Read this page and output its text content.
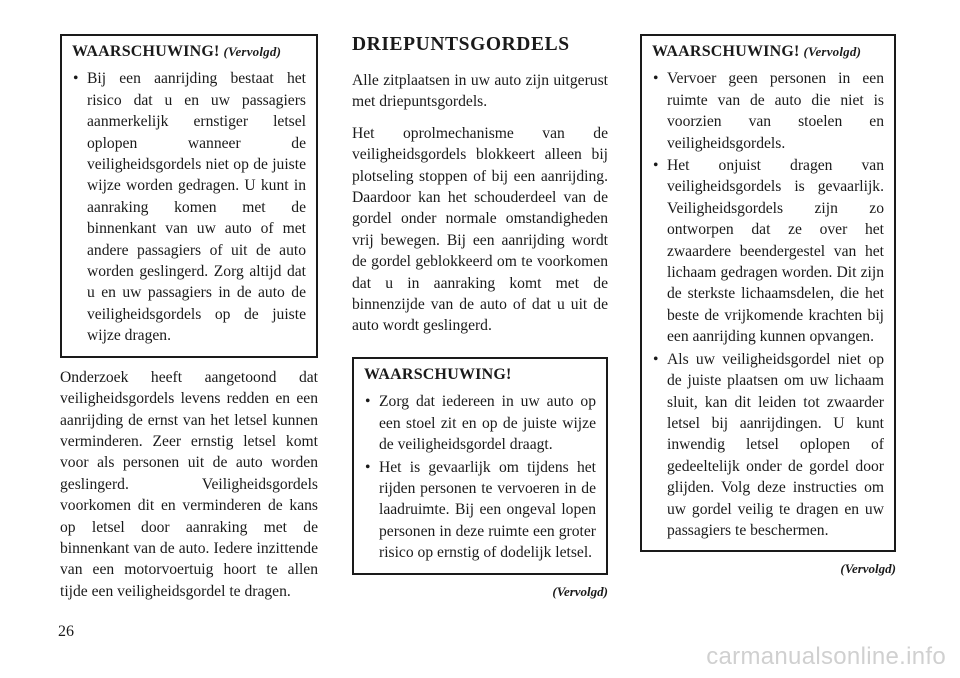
WAARSCHUWING! (Vervolgd)
• Bij een aanrijding bestaat het risico dat u en uw passagiers aanmerkelijk ernstiger letsel oplopen wanneer de veiligheidsgordels niet op de juiste wijze worden gedragen. U kunt in aanraking komen met de binnenkant van uw auto of met andere passagiers of uit de auto worden geslingerd. Zorg altijd dat u en uw passagiers in de auto de veiligheidsgordels op de juiste wijze dragen.

Onderzoek heeft aangetoond dat veiligheidsgordels levens redden en een aanrijding de ernst van het letsel kunnen verminderen. Zeer ernstig letsel komt voor als personen uit de auto worden geslingerd. Veiligheidsgordels voorkomen dit en verminderen de kans op letsel door aanraking met de binnenkant van de auto. Iedere inzittende van een motorvoertuig hoort te allen tijde een veiligheidsgordel te dragen.

DRIEPUNTSGORDELS

Alle zitplaatsen in uw auto zijn uitgerust met driepuntsgordels.

Het oprolmechanisme van de veiligheidsgordels blokkeert alleen bij plotseling stoppen of bij een aanrijding. Daardoor kan het schouderdeel van de gordel onder normale omstandigheden vrij bewegen. Bij een aanrijding wordt de gordel geblokkeerd om te voorkomen dat u in aanraking komt met de binnenzijde van de auto of dat u uit de auto wordt geslingerd.

WAARSCHUWING!
• Zorg dat iedereen in uw auto op een stoel zit en op de juiste wijze de veiligheidsgordel draagt.
• Het is gevaarlijk om tijdens het rijden personen te vervoeren in de laadruimte. Bij een ongeval lopen personen in deze ruimte een groter risico op ernstig of dodelijk letsel.
(Vervolgd)
WAARSCHUWING! (Vervolgd)
• Vervoer geen personen in een ruimte van de auto die niet is voorzien van stoelen en veiligheidsgordels.
• Het onjuist dragen van veiligheidsgordels is gevaarlijk. Veiligheidsgordels zijn zo ontworpen dat ze over het zwaardere beendergestel van het lichaam gedragen worden. Dit zijn de sterkste lichaamsdelen, die het beste de vrijkomende krachten bij een aanrijding kunnen opvangen.
• Als uw veiligheidsgordel niet op de juiste plaatsen om uw lichaam sluit, kan dit leiden tot zwaarder letsel bij aanrijdingen. U kunt inwendig letsel oplopen of gedeeltelijk onder de gordel door glijden. Volg deze instructies om uw gordel veilig te dragen en uw passagiers te beschermen.
(Vervolgd)
26
carmanualsonline.info
